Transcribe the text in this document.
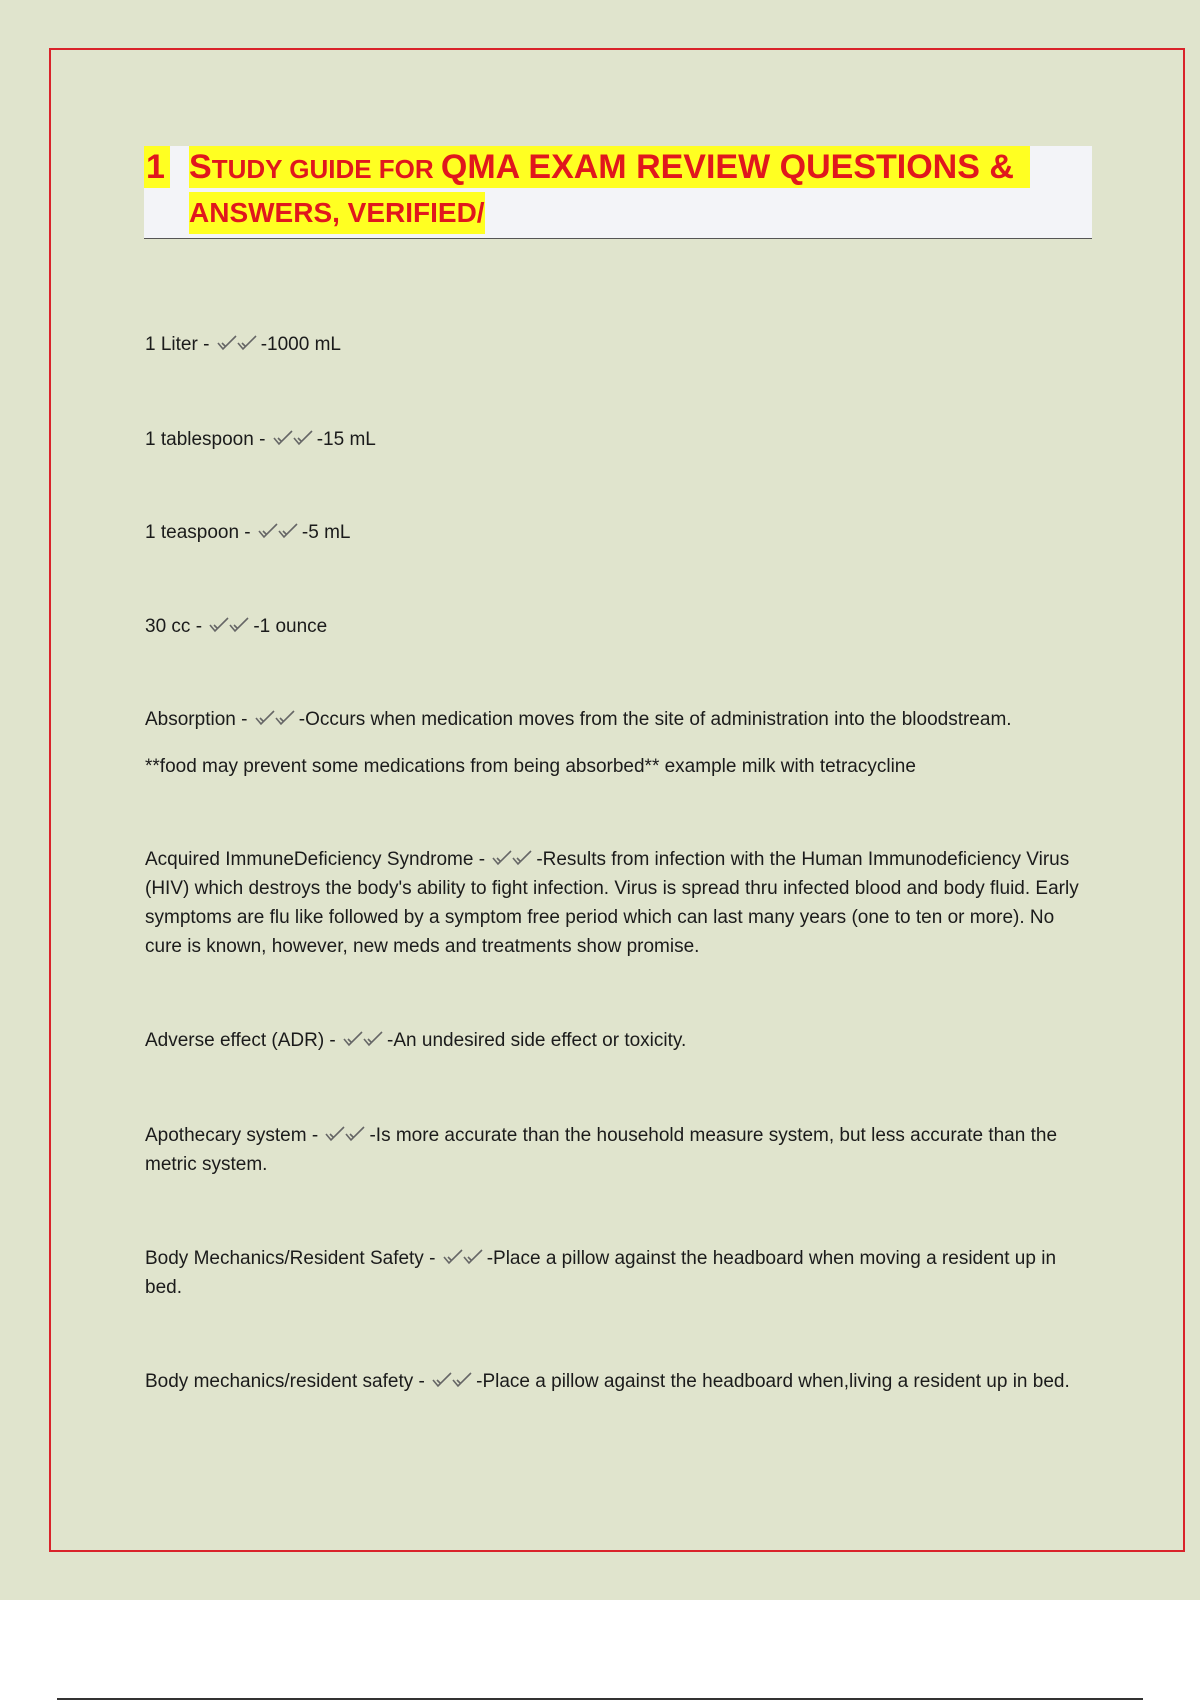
1 STUDY GUIDE FOR QMA EXAM REVIEW QUESTIONS &
ANSWERS, VERIFIED/
1 Liter - -1000 mL
1 tablespoon - -15 mL
1 teaspoon - -5 mL
30 cc - -1 ounce
Absorption - -Occurs when medication moves from the site of administration into the bloodstream.
**food may prevent some medications from being absorbed** example milk with tetracycline
Acquired ImmuneDeficiency Syndrome - -Results from infection with the Human Immunodeficiency Virus (HIV) which destroys the body's ability to fight infection. Virus is spread thru infected blood and body fluid. Early symptoms are flu like followed by a symptom free period which can last many years (one to ten or more). No cure is known, however, new meds and treatments show promise.
Adverse effect (ADR) - -An undesired side effect or toxicity.
Apothecary system - -Is more accurate than the household measure system, but less accurate than the metric system.
Body Mechanics/Resident Safety - -Place a pillow against the headboard when moving a resident up in bed.
Body mechanics/resident safety - -Place a pillow against the headboard when,living a resident up in bed.
